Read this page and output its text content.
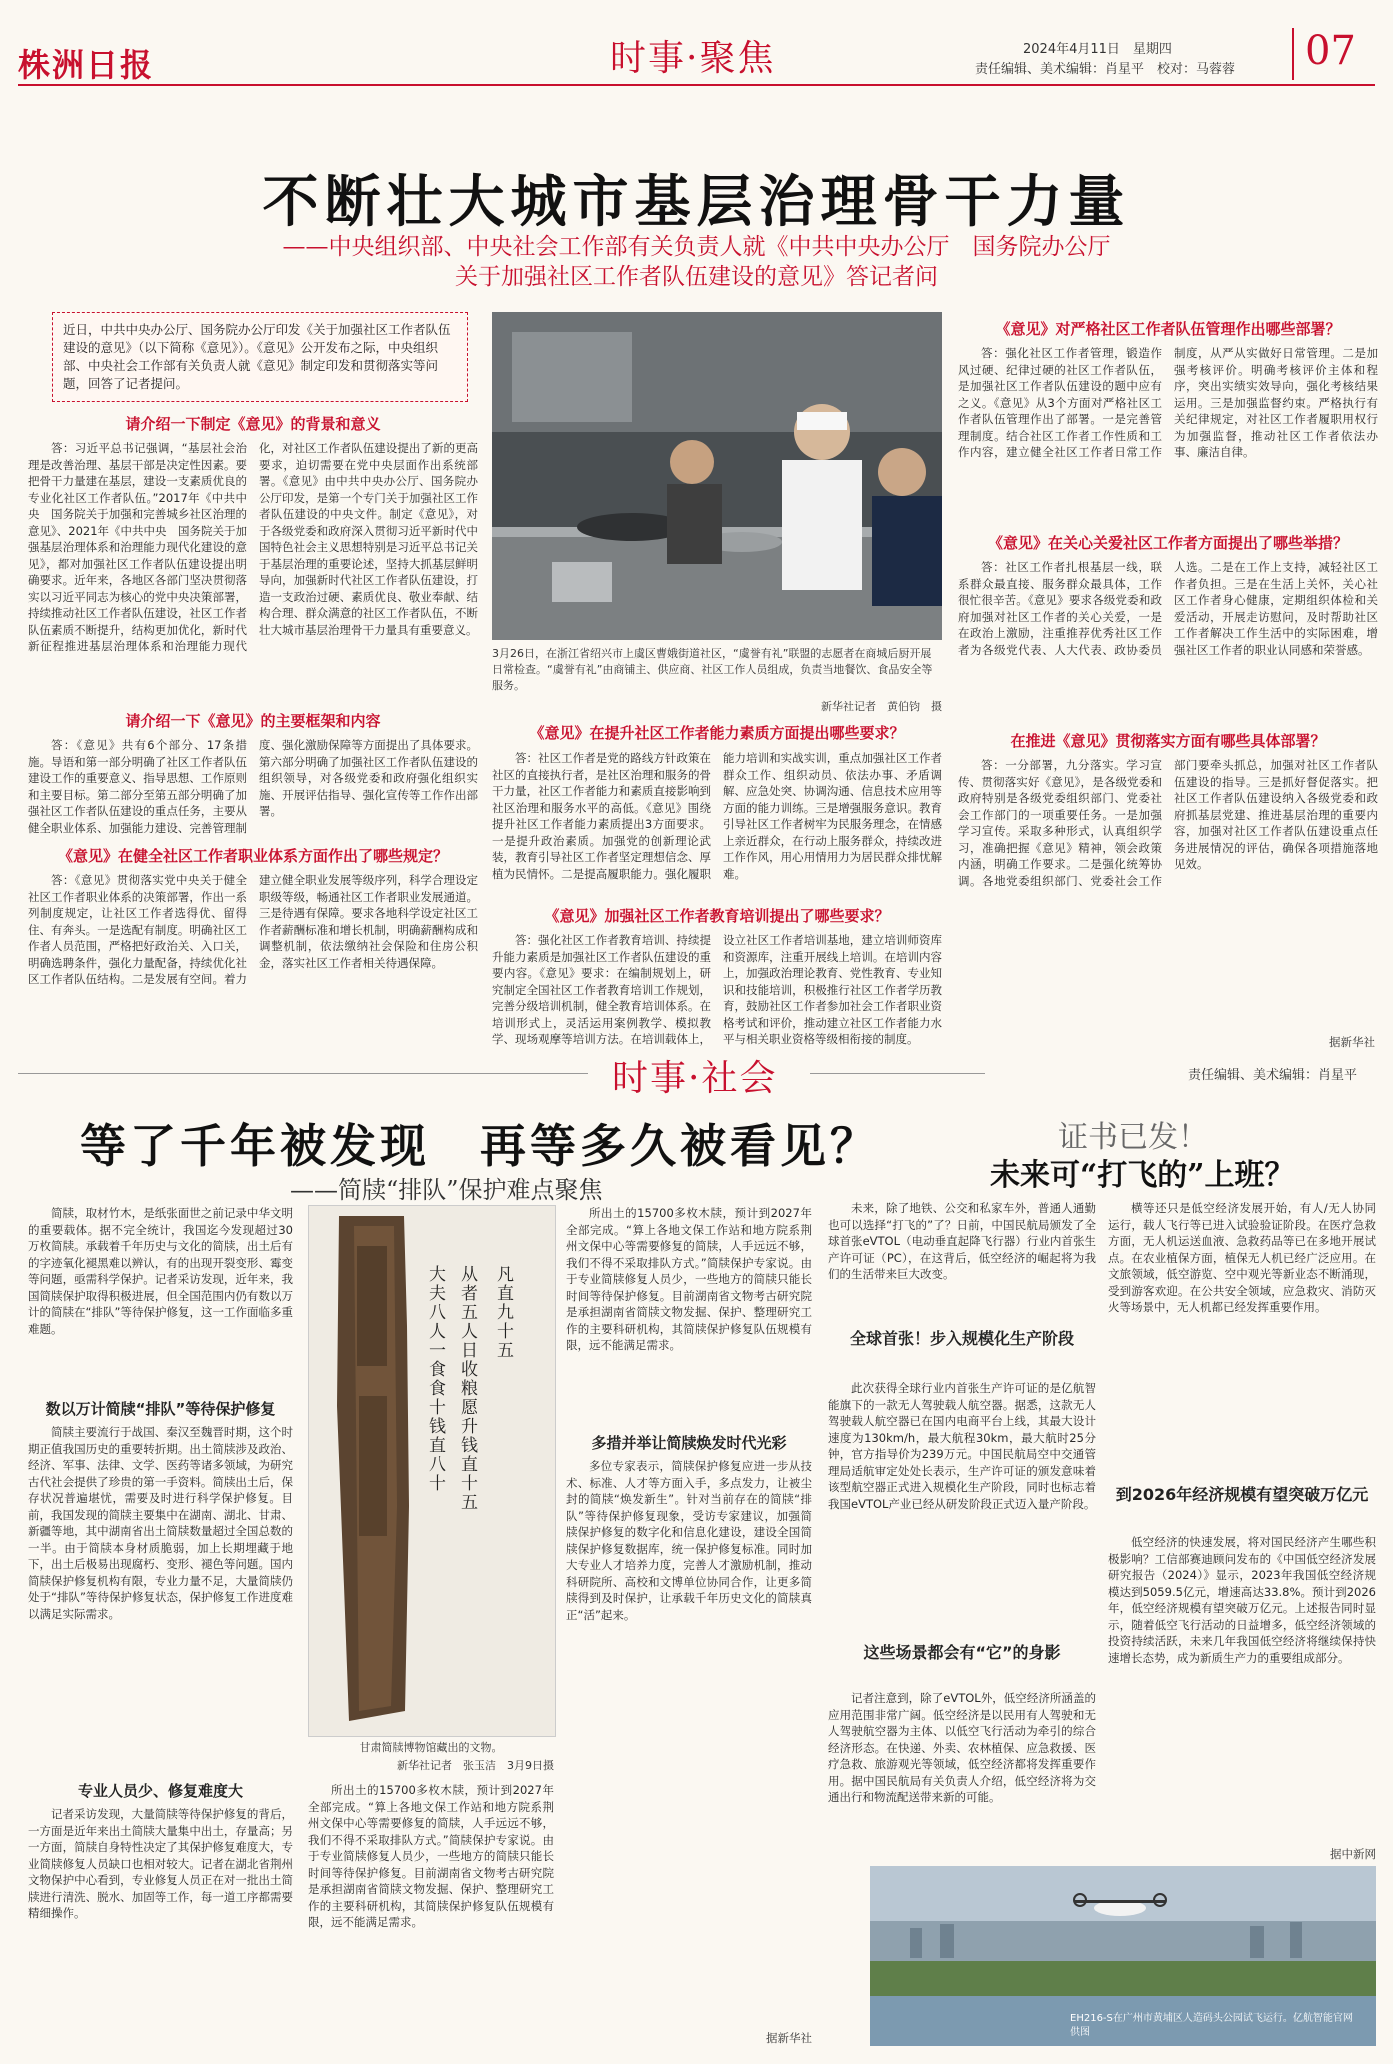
株洲日报	时事·聚焦	2024年4月11日　星期四
责任编辑、美术编辑：肖星平　校对：马蓉蓉 07
不断壮大城市基层治理骨干力量
——中央组织部、中央社会工作部有关负责人就《中共中央办公厅　国务院办公厅
关于加强社区工作者队伍建设的意见》答记者问
近日，中共中央办公厅、国务院办公厅印发《关于加强社区工作者队伍建设的意见》（以下简称《意见》）。《意见》公开发布之际，中央组织部、中央社会工作部有关负责人就《意见》制定印发和贯彻落实等问题，回答了记者提问。
请介绍一下制定《意见》的背景和意义

答：习近平总书记强调，“基层社会治理是改善治理、基层干部是决定性因素。要把骨干力量建在基层，建设一支素质优良的专业化社区工作者队伍。”2017年《中共中央　国务院关于加强和完善城乡社区治理的意见》、2021年《中共中央　国务院关于加强基层治理体系和治理能力现代化建设的意见》，都对加强社区工作者队伍建设提出明确要求。近年来，各地区各部门坚决贯彻落实以习近平同志为核心的党中央决策部署，持续推动社区工作者队伍建设，社区工作者队伍素质不断提升，结构更加优化，新时代新征程推进基层治理体系和治理能力现代化，对社区工作者队伍建设提出了新的更高要求，迫切需要在党中央层面作出系统部署。《意见》由中共中央办公厅、国务院办公厅印发，是第一个专门关于加强社区工作者队伍建设的中央文件。制定《意见》，对于各级党委和政府深入贯彻习近平新时代中国特色社会主义思想特别是习近平总书记关于基层治理的重要论述，坚持大抓基层鲜明导向，加强新时代社区工作者队伍建设，打造一支政治过硬、素质优良、敬业奉献、结构合理、群众满意的社区工作者队伍，不断壮大城市基层治理骨干力量具有重要意义。

请介绍一下《意见》的主要框架和内容

答：《意见》共有6个部分、17条措施。导语和第一部分明确了社区工作者队伍建设工作的重要意义、指导思想、工作原则和主要目标。第二部分至第五部分明确了加强社区工作者队伍建设的重点任务，主要从健全职业体系、加强能力建设、完善管理制度、强化激励保障等方面提出了具体要求。第六部分明确了加强社区工作者队伍建设的组织领导，对各级党委和政府强化组织实施、开展评估指导、强化宣传等工作作出部署。

《意见》在健全社区工作者职业体系方面作出了哪些规定？

答：《意见》贯彻落实党中央关于健全社区工作者职业体系的决策部署，作出一系列制度规定，让社区工作者选得优、留得住、有奔头。一是选配有制度。明确社区工作者人员范围，严格把好政治关、入口关，明确选聘条件，强化力量配备，持续优化社区工作者队伍结构。二是发展有空间。着力建立健全职业发展等级序列，科学合理设定职级等级，畅通社区工作者职业发展通道。三是待遇有保障。要求各地科学设定社区工作者薪酬标准和增长机制，明确薪酬构成和调整机制，依法缴纳社会保险和住房公积金，落实社区工作者相关待遇保障。

3月26日，在浙江省绍兴市上虞区曹娥街道社区，“虞誉有礼”联盟的志愿者在商城后厨开展日常检查。“虞誉有礼”由商铺主、供应商、社区工作人员组成，负责当地餐饮、食品安全等服务。
新华社记者　黄伯钧　摄
《意见》在提升社区工作者能力素质方面提出哪些要求？

答：社区工作者是党的路线方针政策在社区的直接执行者，是社区治理和服务的骨干力量，社区工作者能力和素质直接影响到社区治理和服务水平的高低。《意见》围绕提升社区工作者能力素质提出3方面要求。一是提升政治素质。加强党的创新理论武装，教育引导社区工作者坚定理想信念、厚植为民情怀。二是提高履职能力。强化履职能力培训和实战实训，重点加强社区工作者群众工作、组织动员、依法办事、矛盾调解、应急处突、协调沟通、信息技术应用等方面的能力训练。三是增强服务意识。教育引导社区工作者树牢为民服务理念，在情感上亲近群众，在行动上服务群众，持续改进工作作风，用心用情用力为居民群众排忧解难。

《意见》加强社区工作者教育培训提出了哪些要求？

答：强化社区工作者教育培训、持续提升能力素质是加强社区工作者队伍建设的重要内容。《意见》要求：在编制规划上，研究制定全国社区工作者教育培训工作规划，完善分级培训机制，健全教育培训体系。在培训形式上，灵活运用案例教学、模拟教学、现场观摩等培训方法。在培训载体上，设立社区工作者培训基地，建立培训师资库和资源库，注重开展线上培训。在培训内容上，加强政治理论教育、党性教育、专业知识和技能培训，积极推行社区工作者学历教育，鼓励社区工作者参加社会工作者职业资格考试和评价，推动建立社区工作者能力水平与相关职业资格等级相衔接的制度。

《意见》对严格社区工作者队伍管理作出哪些部署？

答：强化社区工作者管理，锻造作风过硬、纪律过硬的社区工作者队伍，是加强社区工作者队伍建设的题中应有之义。《意见》从3个方面对严格社区工作者队伍管理作出了部署。一是完善管理制度。结合社区工作者工作性质和工作内容，建立健全社区工作者日常工作制度，从严从实做好日常管理。二是加强考核评价。明确考核评价主体和程序，突出实绩实效导向，强化考核结果运用。三是加强监督约束。严格执行有关纪律规定，对社区工作者履职用权行为加强监督，推动社区工作者依法办事、廉洁自律。

《意见》在关心关爱社区工作者方面提出了哪些举措？

答：社区工作者扎根基层一线，联系群众最直接、服务群众最具体，工作很忙很辛苦。《意见》要求各级党委和政府加强对社区工作者的关心关爱，一是在政治上激励，注重推荐优秀社区工作者为各级党代表、人大代表、政协委员人选。二是在工作上支持，减轻社区工作者负担。三是在生活上关怀，关心社区工作者身心健康，定期组织体检和关爱活动，开展走访慰问，及时帮助社区工作者解决工作生活中的实际困难，增强社区工作者的职业认同感和荣誉感。

在推进《意见》贯彻落实方面有哪些具体部署？

答：一分部署，九分落实。学习宣传、贯彻落实好《意见》，是各级党委和政府特别是各级党委组织部门、党委社会工作部门的一项重要任务。一是加强学习宣传。采取多种形式，认真组织学习，准确把握《意见》精神，领会政策内涵，明确工作要求。二是强化统筹协调。各地党委组织部门、党委社会工作部门要牵头抓总，加强对社区工作者队伍建设的指导。三是抓好督促落实。把社区工作者队伍建设纳入各级党委和政府抓基层党建、推进基层治理的重要内容，加强对社区工作者队伍建设重点任务进展情况的评估，确保各项措施落地见效。

据新华社
时事·社会	责任编辑、美术编辑：肖星平
等了千年被发现　再等多久被看见？
——简牍“排队”保护难点聚焦

简牍，取材竹木，是纸张面世之前记录中华文明的重要载体。据不完全统计，我国迄今发现超过30万枚简牍。承载着千年历史与文化的简牍，出土后有的字迹氧化褪黑难以辨认，有的出现开裂变形、霉变等问题，亟需科学保护。记者采访发现，近年来，我国简牍保护取得积极进展，但全国范围内仍有数以万计的简牍在“排队”等待保护修复，这一工作面临多重难题。

数以万计简牍“排队”等待保护修复

简牍主要流行于战国、秦汉至魏晋时期，这个时期正值我国历史的重要转折期。出土简牍涉及政治、经济、军事、法律、文学、医药等诸多领域，为研究古代社会提供了珍贵的第一手资料。简牍出土后，保存状况普遍堪忧，需要及时进行科学保护修复。目前，我国发现的简牍主要集中在湖南、湖北、甘肃、新疆等地，其中湖南省出土简牍数量超过全国总数的一半。由于简牍本身材质脆弱，加上长期埋藏于地下，出土后极易出现腐朽、变形、褪色等问题。国内简牍保护修复机构有限，专业力量不足，大量简牍仍处于“排队”等待保护修复状态，保护修复工作进度难以满足实际需求。

专业人员少、修复难度大

记者采访发现，大量简牍等待保护修复的背后，一方面是近年来出土简牍大量集中出土，存量高；另一方面，简牍自身特性决定了其保护修复难度大，专业简牍修复人员缺口也相对较大。记者在湖北省荆州文物保护中心看到，专业修复人员正在对一批出土简牍进行清洗、脱水、加固等工作，每一道工序都需要精细操作。

大夫八人一食食十钱直八十
从者五人日收粮愿升钱直十五
凡直九十五
甘肃简牍博物馆藏出的文物。
新华社记者　张玉洁　3月9日摄

所出土的15700多枚木牍，预计到2027年全部完成。“算上各地文保工作站和地方院系荆州文保中心等需要修复的简牍，人手远远不够，我们不得不采取排队方式。”简牍保护专家说。由于专业简牍修复人员少，一些地方的简牍只能长时间等待保护修复。目前湖南省文物考古研究院是承担湖南省简牍文物发掘、保护、整理研究工作的主要科研机构，其简牍保护修复队伍规模有限，远不能满足需求。

所出土的15700多枚木牍，预计到2027年全部完成。“算上各地文保工作站和地方院系荆州文保中心等需要修复的简牍，人手远远不够，我们不得不采取排队方式。”简牍保护专家说。由于专业简牍修复人员少，一些地方的简牍只能长时间等待保护修复。目前湖南省文物考古研究院是承担湖南省简牍文物发掘、保护、整理研究工作的主要科研机构，其简牍保护修复队伍规模有限，远不能满足需求。

多措并举让简牍焕发时代光彩

多位专家表示，简牍保护修复应进一步从技术、标准、人才等方面入手，多点发力，让被尘封的简牍“焕发新生”。针对当前存在的简牍“排队”等待保护修复现象，受访专家建议，加强简牍保护修复的数字化和信息化建设，建设全国简牍保护修复数据库，统一保护修复标准。同时加大专业人才培养力度，完善人才激励机制，推动科研院所、高校和文博单位协同合作，让更多简牍得到及时保护，让承载千年历史文化的简牍真正“活”起来。

据新华社
证书已发！
未来可“打飞的”上班？

未来，除了地铁、公交和私家车外，普通人通勤也可以选择“打飞的”了？日前，中国民航局颁发了全球首张eVTOL（电动垂直起降飞行器）行业内首张生产许可证（PC），在这背后，低空经济的崛起将为我们的生活带来巨大改变。

全球首张！步入规模化生产阶段

此次获得全球行业内首张生产许可证的是亿航智能旗下的一款无人驾驶载人航空器。据悉，这款无人驾驶载人航空器已在国内电商平台上线，其最大设计速度为130km/h，最大航程30km，最大航时25分钟，官方指导价为239万元。中国民航局空中交通管理局适航审定处处长表示，生产许可证的颁发意味着该型航空器正式进入规模化生产阶段，同时也标志着我国eVTOL产业已经从研发阶段正式迈入量产阶段。

这些场景都会有“它”的身影

记者注意到，除了eVTOL外，低空经济所涵盖的应用范围非常广阔。低空经济是以民用有人驾驶和无人驾驶航空器为主体、以低空飞行活动为牵引的综合经济形态。在快递、外卖、农林植保、应急救援、医疗急救、旅游观光等领域，低空经济都将发挥重要作用。据中国民航局有关负责人介绍，低空经济将为交通出行和物流配送带来新的可能。

横等还只是低空经济发展开始，有人/无人协同运行，载人飞行等已进入试验验证阶段。在医疗急救方面，无人机运送血液、急救药品等已在多地开展试点。在农业植保方面，植保无人机已经广泛应用。在文旅领域，低空游览、空中观光等新业态不断涌现，受到游客欢迎。在公共安全领域，应急救灾、消防灭火等场景中，无人机都已经发挥重要作用。

到2026年经济规模有望突破万亿元

低空经济的快速发展，将对国民经济产生哪些积极影响？工信部赛迪顾问发布的《中国低空经济发展研究报告（2024）》显示，2023年我国低空经济规模达到5059.5亿元，增速高达33.8%。预计到2026年，低空经济规模有望突破万亿元。上述报告同时显示，随着低空飞行活动的日益增多，低空经济领域的投资持续活跃，未来几年我国低空经济将继续保持快速增长态势，成为新质生产力的重要组成部分。

据中新网
EH216-S在广州市黄埔区人造码头公园试飞运行。亿航智能官网　供图
